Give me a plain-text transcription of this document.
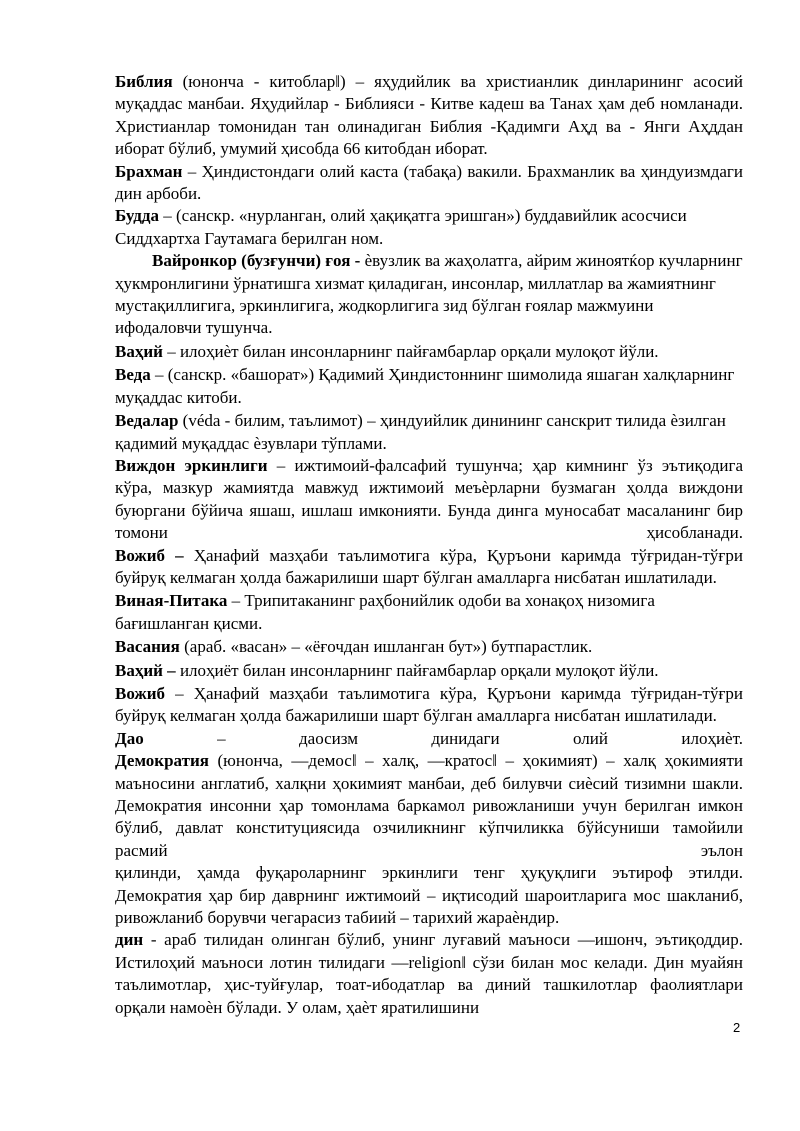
Библия (юнонча - китоблар‖) – яҳудийлик ва христианлик динларининг асосий муқаддас манбаи. Яҳудийлар - Библияси - Китве кадеш ва Танах ҳам деб номланади. Христианлар томонидан тан олинадиган Библия -Қадимги Аҳд ва - Янги Аҳддан иборат бўлиб, умумий ҳисобда 66 китобдан иборат.

Брахман – Ҳиндистондаги олий каста (табақа) вакили. Брахманлик ва ҳиндуизмдаги дин арбоби.

Будда – (санскр. «нурланган, олий ҳақиқатга эришган») буддавийлик асосчиси Сиддхартха Гаутамага берилган ном.

Вайронкор (бузғунчи) ғоя - ѐвузлик ва жаҳолатга, айрим жиноятќор кучларнинг ҳукмронлигини ўрнатишга хизмат қиладиган, инсонлар, миллатлар ва жамиятнинг мустақиллигига, эркинлигига, жодкорлигига зид бўлган ғоялар мажмуини ифодаловчи тушунча.

Ваҳий – илоҳиѐт билан инсонларнинг пайғамбарлар орқали мулоқот йўли.

Веда – (санскр. «башорат») Қадимий Ҳиндистоннинг шимолида яшаган халқларнинг муқаддас китоби.

Ведалар (véda - билим, таълимот) – ҳиндуийлик динининг санскрит тилида ѐзилган қадимий муқаддас ѐзувлари тўплами.

Виждон эркинлиги – ижтимоий-фалсафий тушунча; ҳар кимнинг ўз эътиқодига кўра, мазкур жамиятда мавжуд ижтимоий меъѐрларни бузмаган ҳолда виждони буюргани бўйича яшаш, ишлаш имконияти. Бунда динга муносабат масаланинг бир томони ҳисобланади.

Вожиб – Ҳанафий мазҳаби таълимотига кўра, Қуръони каримда тўғридан-тўғри буйруқ келмаган ҳолда бажарилиши шарт бўлган амалларга нисбатан ишлатилади.

Виная-Питака – Трипитаканинг раҳбонийлик одоби ва хонақоҳ низомига бағишланган қисми.

Васания (араб. «васан» – «ёғочдан ишланган бут») бутпарастлик.

Ваҳий – илоҳиёт билан инсонларнинг пайғамбарлар орқали мулоқот йўли.

Вожиб – Ҳанафий мазҳаби таълимотига кўра, Қуръони каримда тўғридан-тўғри буйруқ келмаган ҳолда бажарилиши шарт бўлган амалларга нисбатан ишлатилади.

Дао	– даосизм динидаги олий илоҳиѐт.

Демократия (юнонча, ―демос‖ – халқ, ―кратос‖ – ҳокимият) – халқ ҳокимияти маъносини англатиб, халқни ҳокимият манбаи, деб билувчи сиѐсий тизимни шакли. Демократия инсонни ҳар томонлама баркамол ривожланиши учун берилган имкон бўлиб, давлат конституциясида озчиликнинг кўпчиликка бўйсуниши тамойили расмий эълон

қилинди, ҳамда фуқароларнинг эркинлиги тенг ҳуқуқлиги эътироф этилди. Демократия ҳар бир даврнинг ижтимоий – иқтисодий шароитларига мос шакланиб, ривожланиб борувчи чегарасиз табиий – тарихий жараѐндир.

дин - араб тилидан олинган бўлиб, унинг луғавий маъноси ―ишонч, эътиқоддир. Истилоҳий маъноси лотин тилидаги ―religion‖ сўзи билан мос келади. Дин муайян таълимотлар, ҳис-туйғулар, тоат-ибодатлар ва диний ташкилотлар фаолиятлари орқали намоѐн бўлади. У олам, ҳаѐт яратилишини

2
